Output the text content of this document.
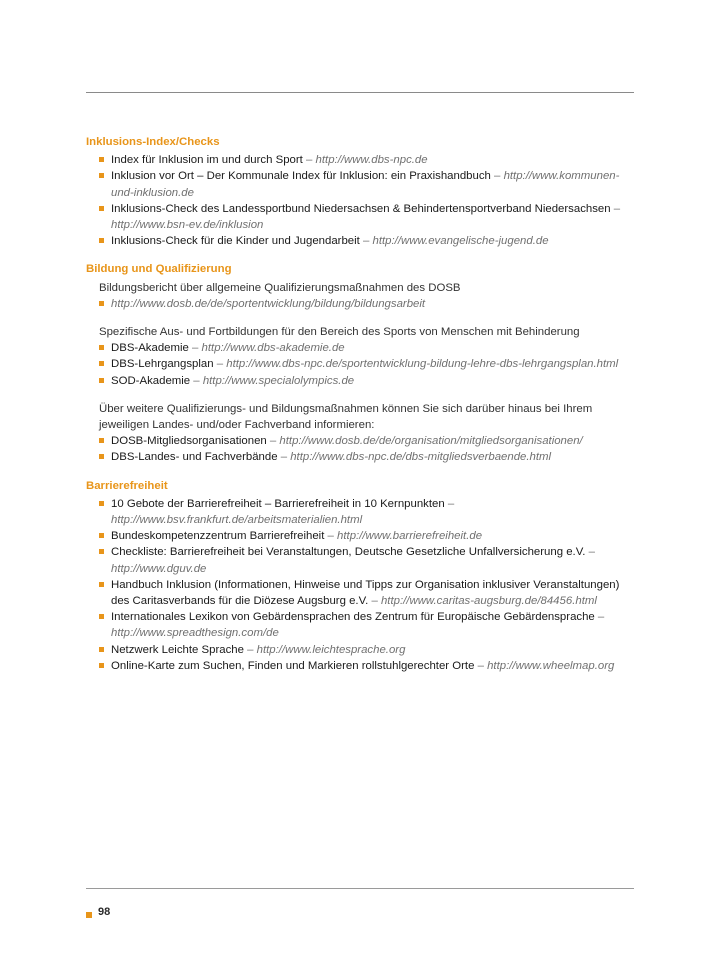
Inklusions-Index/Checks
Index für Inklusion im und durch Sport – http://www.dbs-npc.de
Inklusion vor Ort – Der Kommunale Index für Inklusion: ein Praxishandbuch – http://www.kommunen-und-inklusion.de
Inklusions-Check des Landessportbund Niedersachsen & Behindertensportverband Niedersachsen – http://www.bsn-ev.de/inklusion
Inklusions-Check für die Kinder und Jugendarbeit – http://www.evangelische-jugend.de
Bildung und Qualifizierung
Bildungsbericht über allgemeine Qualifizierungsmaßnahmen des DOSB
http://www.dosb.de/de/sportentwicklung/bildung/bildungsarbeit
Spezifische Aus- und Fortbildungen für den Bereich des Sports von Menschen mit Behinderung
DBS-Akademie – http://www.dbs-akademie.de
DBS-Lehrgangsplan – http://www.dbs-npc.de/sportentwicklung-bildung-lehre-dbs-lehrgangsplan.html
SOD-Akademie – http://www.specialolympics.de
Über weitere Qualifizierungs- und Bildungsmaßnahmen können Sie sich darüber hinaus bei Ihrem jeweiligen Landes- und/oder Fachverband informieren:
DOSB-Mitgliedsorganisationen – http://www.dosb.de/de/organisation/mitgliedsorganisationen/
DBS-Landes- und Fachverbände – http://www.dbs-npc.de/dbs-mitgliedsverbaende.html
Barrierefreiheit
10 Gebote der Barrierefreiheit – Barrierefreiheit in 10 Kernpunkten – http://www.bsv.frankfurt.de/arbeitsmaterialien.html
Bundeskompetenzzentrum Barrierefreiheit – http://www.barrierefreiheit.de
Checkliste: Barrierefreiheit bei Veranstaltungen, Deutsche Gesetzliche Unfallversicherung e.V. – http://www.dguv.de
Handbuch Inklusion (Informationen, Hinweise und Tipps zur Organisation inklusiver Veranstaltungen) des Caritasverbands für die Diözese Augsburg e.V. – http://www.caritas-augsburg.de/84456.html
Internationales Lexikon von Gebärdensprachen des Zentrum für Europäische Gebärdensprache – http://www.spreadthesign.com/de
Netzwerk Leichte Sprache – http://www.leichtesprache.org
Online-Karte zum Suchen, Finden und Markieren rollstuhlgerechter Orte – http://www.wheelmap.org
98
